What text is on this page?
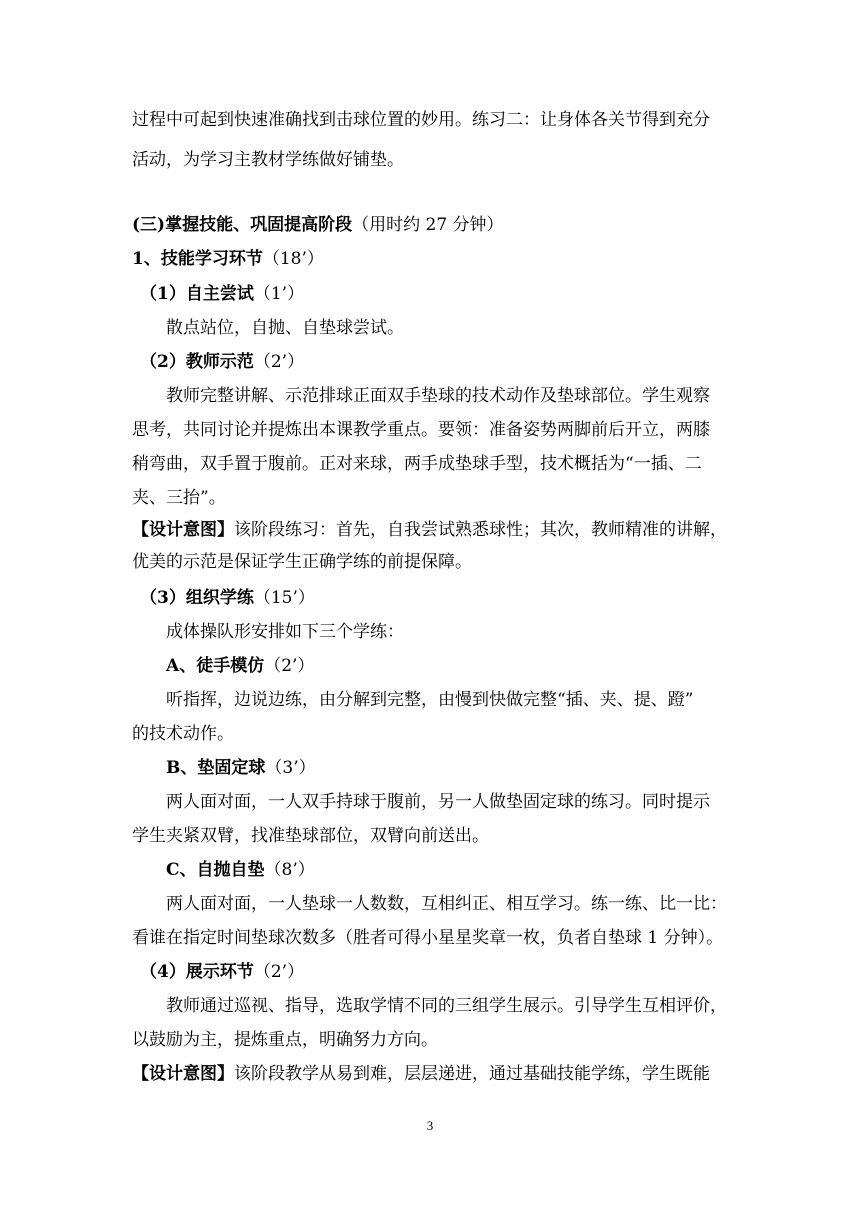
过程中可起到快速准确找到击球位置的妙用。练习二：让身体各关节得到充分
活动，为学习主教材学练做好铺垫。
(三)掌握技能、巩固提高阶段（用时约 27 分钟）
1、技能学习环节（18’）
（1）自主尝试（1’）
散点站位，自抛、自垫球尝试。
（2）教师示范（2’）
教师完整讲解、示范排球正面双手垫球的技术动作及垫球部位。学生观察
思考，共同讨论并提炼出本课教学重点。要领：准备姿势两脚前后开立，两膝
稍弯曲，双手置于腹前。正对来球，两手成垫球手型，技术概括为“一插、二
夹、三抬”。
【设计意图】该阶段练习：首先，自我尝试熟悉球性；其次，教师精准的讲解，
优美的示范是保证学生正确学练的前提保障。
（3）组织学练（15’）
成体操队形安排如下三个学练：
A、徒手模仿（2’）
听指挥，边说边练，由分解到完整，由慢到快做完整“插、夹、提、蹬”
的技术动作。
B、垫固定球（3’）
两人面对面，一人双手持球于腹前，另一人做垫固定球的练习。同时提示
学生夹紧双臂，找准垫球部位，双臂向前送出。
C、自抛自垫（8’）
两人面对面，一人垫球一人数数，互相纠正、相互学习。练一练、比一比：
看谁在指定时间垫球次数多（胜者可得小星星奖章一枚，负者自垫球 1 分钟）。
（4）展示环节（2’）
教师通过巡视、指导，选取学情不同的三组学生展示。引导学生互相评价，
以鼓励为主，提炼重点，明确努力方向。
【设计意图】该阶段教学从易到难，层层递进，通过基础技能学练，学生既能
3
